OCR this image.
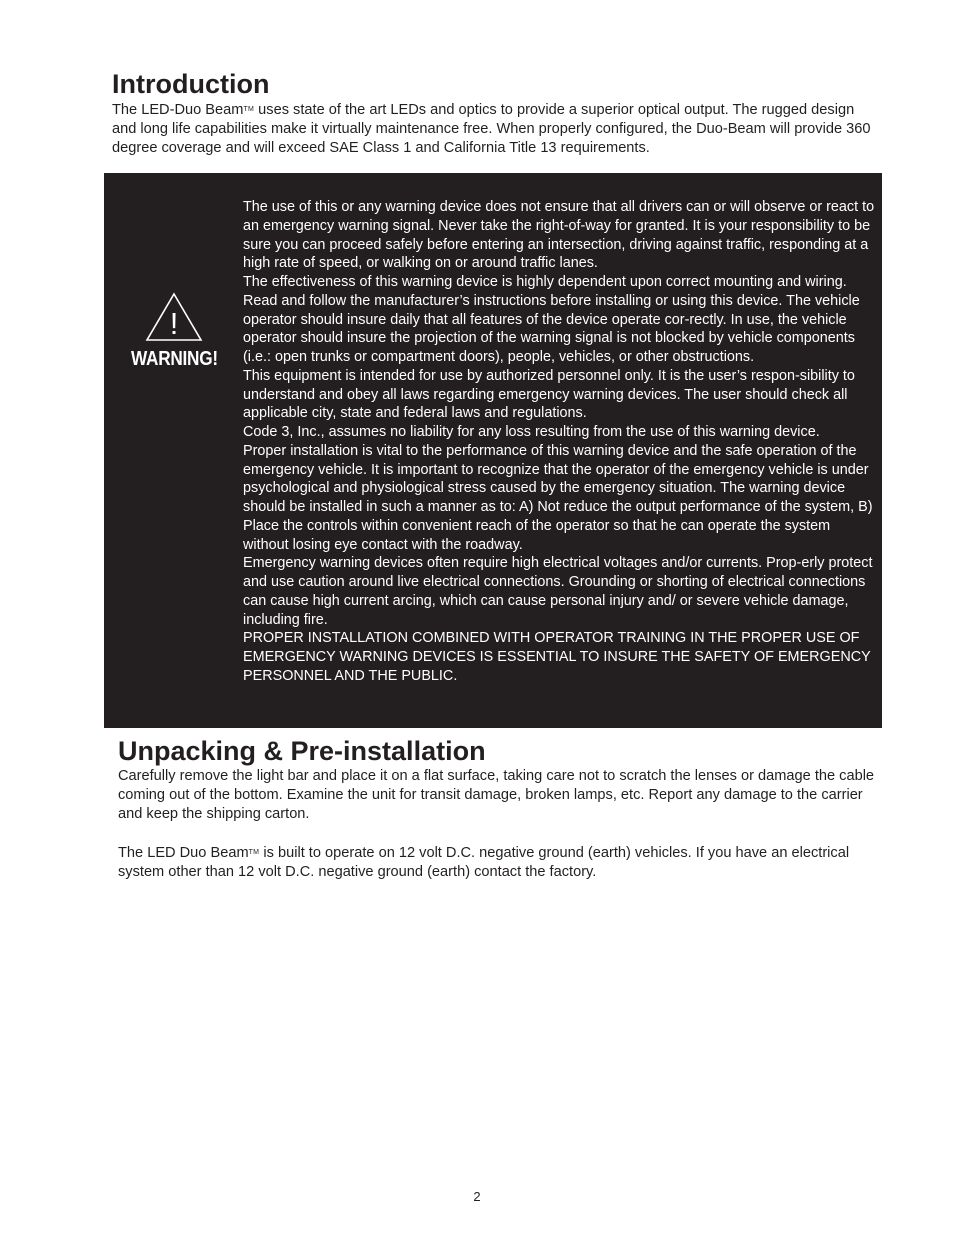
Introduction

The LED-Duo Beam™ uses state of the art LEDs and optics to provide a superior optical output. The rugged design and long life capabilities make it virtually maintenance free. When properly configured, the Duo-Beam will provide 360 degree coverage and will exceed SAE Class 1 and California Title 13 requirements.

!
WARNING!

The use of this or any warning device does not ensure that all drivers can or will observe or react to an emergency warning signal. Never take the right-of-way for granted. It is your responsibility to be sure you can proceed safely before entering an intersection, driving against traffic, responding at a high rate of speed, or walking on or around traffic lanes.

The effectiveness of this warning device is highly dependent upon correct mounting and wiring. Read and follow the manufacturer’s instructions before installing or using this device. The vehicle operator should insure daily that all features of the device operate cor-rectly. In use, the vehicle operator should insure the projection of the warning signal is not blocked by vehicle components (i.e.: open trunks or compartment doors), people, vehicles, or other obstructions.

This equipment is intended for use by authorized personnel only. It is the user’s respon-sibility to understand and obey all laws regarding emergency warning devices. The user should check all applicable city, state and federal laws and regulations.

Code 3, Inc., assumes no liability for any loss resulting from the use of this warning device.

Proper installation is vital to the performance of this warning device and the safe operation of the emergency vehicle. It is important to recognize that the operator of the emergency vehicle is under psychological and physiological stress caused by the emergency situation. The warning device should be installed in such a manner as to: A) Not reduce the output performance of the system, B) Place the controls within convenient reach of the operator so that he can operate the system without losing eye contact with the roadway.

Emergency warning devices often require high electrical voltages and/or currents. Prop-erly protect and use caution around live electrical connections. Grounding or shorting of electrical connections can cause high current arcing, which can cause personal injury and/ or severe vehicle damage, including fire.

PROPER INSTALLATION COMBINED WITH OPERATOR TRAINING IN THE PROPER USE OF EMERGENCY WARNING DEVICES IS ESSENTIAL TO INSURE THE SAFETY OF EMERGENCY PERSONNEL AND THE PUBLIC.

Unpacking & Pre-installation

Carefully remove the light bar and place it on a flat surface, taking care not to scratch the lenses or damage the cable coming out of the bottom. Examine the unit for transit damage, broken lamps, etc. Report any damage to the carrier and keep the shipping carton.

The LED Duo Beam™ is built to operate on 12 volt D.C. negative ground (earth) vehicles. If you have an electrical system other than 12 volt D.C. negative ground (earth) contact the factory.

2
